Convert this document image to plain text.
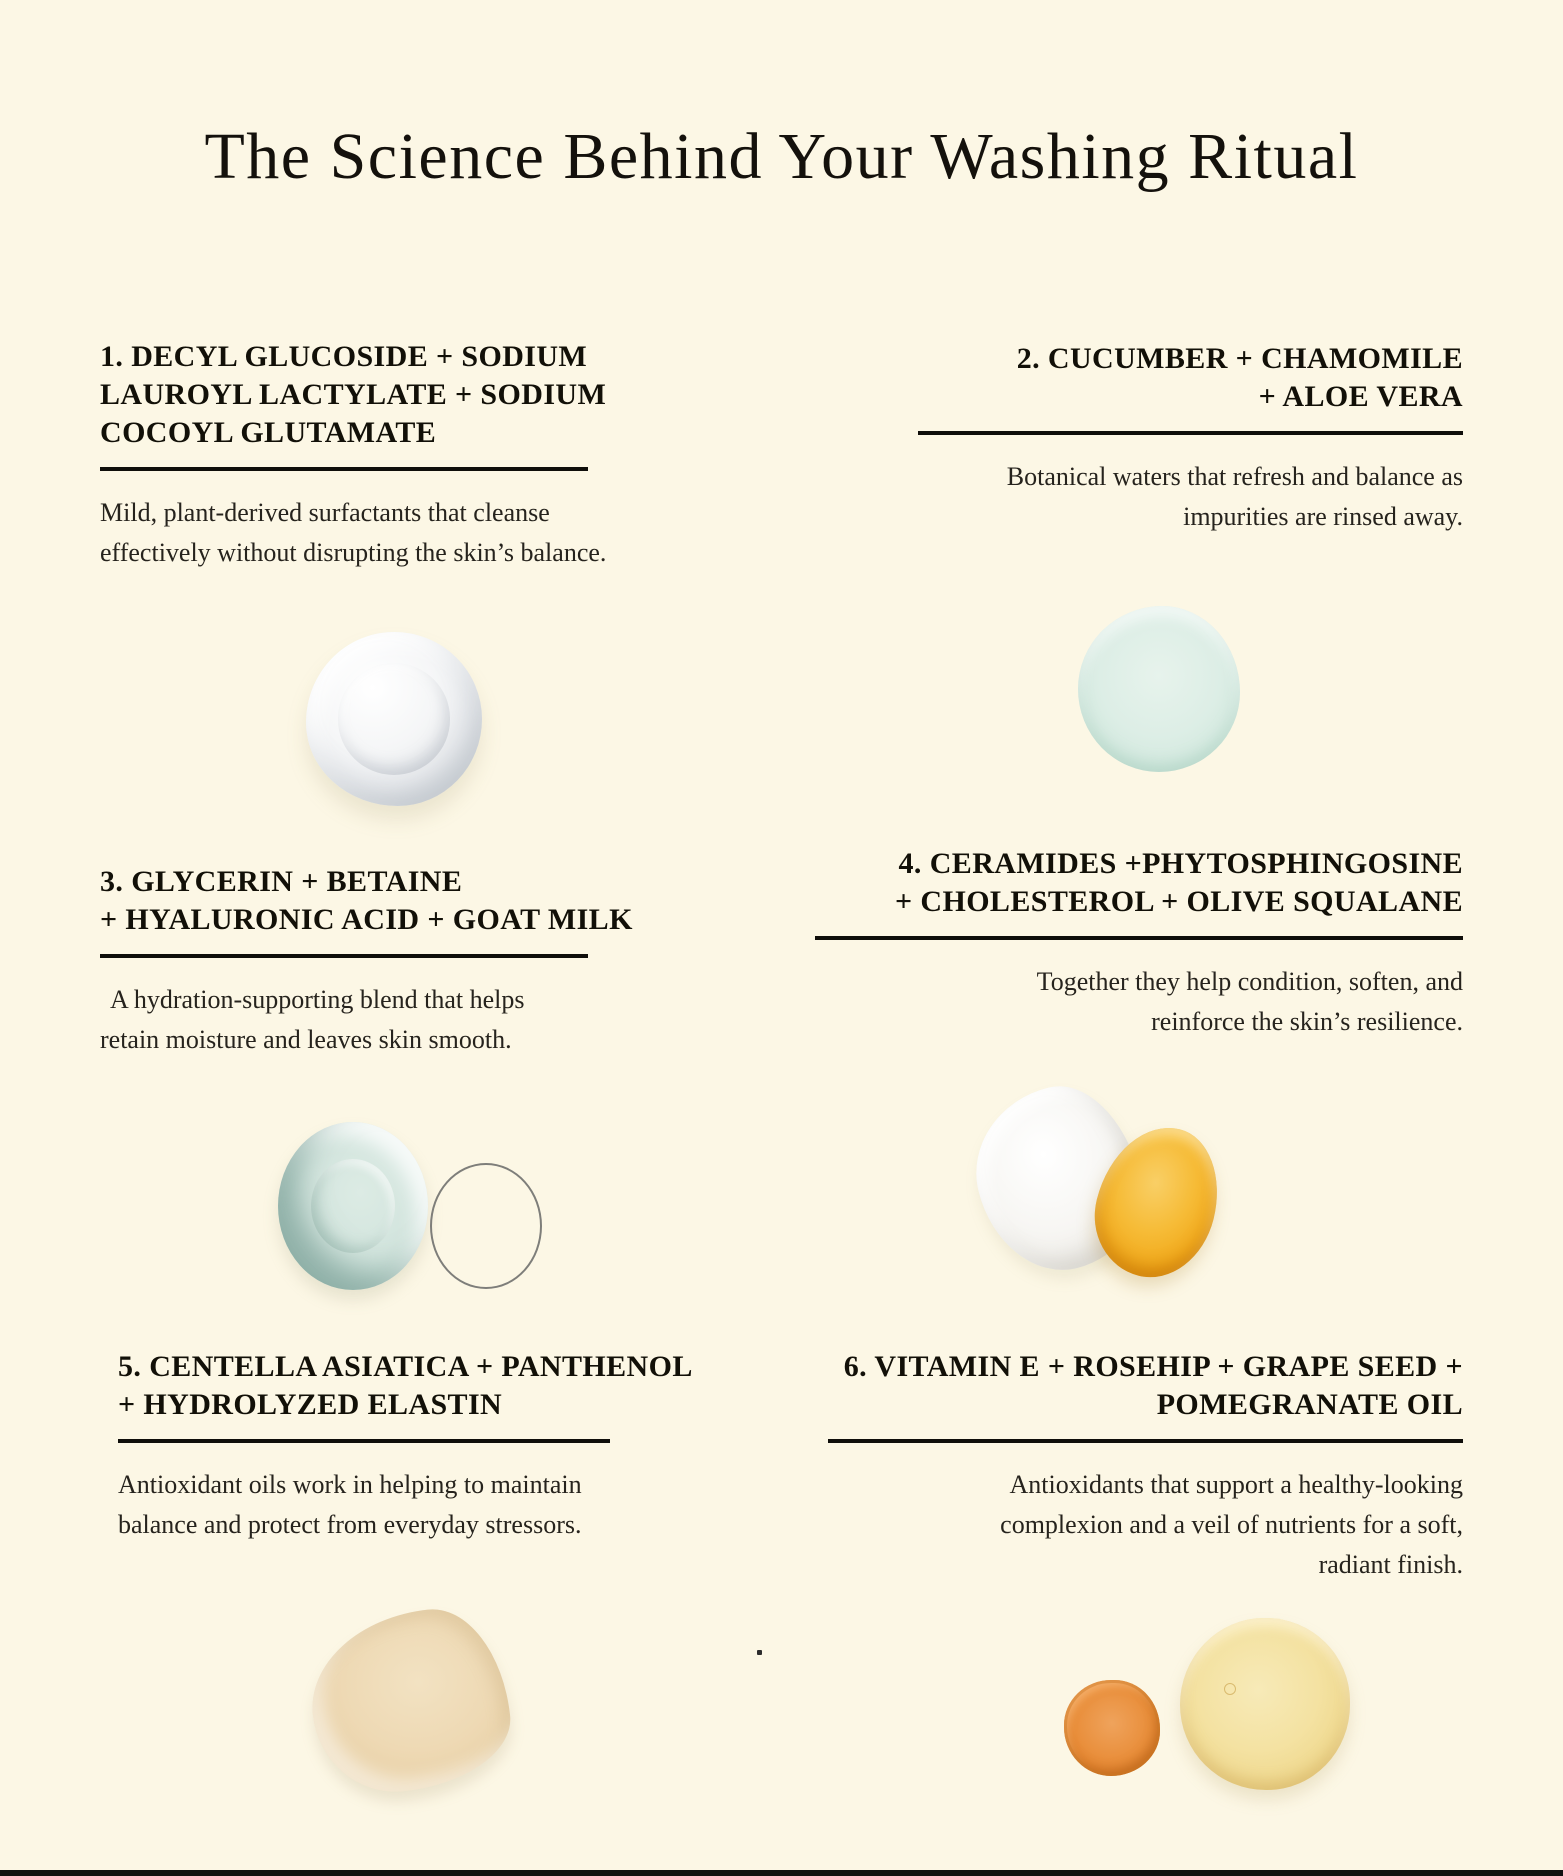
The Science Behind Your Washing Ritual
1. DECYL GLUCOSIDE + SODIUM
LAUROYL LACTYLATE + SODIUM
COCOYL GLUTAMATE
Mild, plant-derived surfactants that cleanse
effectively without disrupting the skin’s balance.
2. CUCUMBER + CHAMOMILE
+ ALOE VERA
Botanical waters that refresh and balance as
impurities are rinsed away.
3. GLYCERIN + BETAINE
+ HYALURONIC ACID + GOAT MILK
A hydration-supporting blend that helps
retain moisture and leaves skin smooth.
4. CERAMIDES +PHYTOSPHINGOSINE
+ CHOLESTEROL + OLIVE SQUALANE
Together they help condition, soften, and
reinforce the skin’s resilience.
5. CENTELLA ASIATICA + PANTHENOL
+ HYDROLYZED ELASTIN
Antioxidant oils work in helping to maintain
balance and protect from everyday stressors.
6. VITAMIN E + ROSEHIP + GRAPE SEED +
POMEGRANATE OIL
Antioxidants that support a healthy-looking
complexion and a veil of nutrients for a soft,
radiant finish.
